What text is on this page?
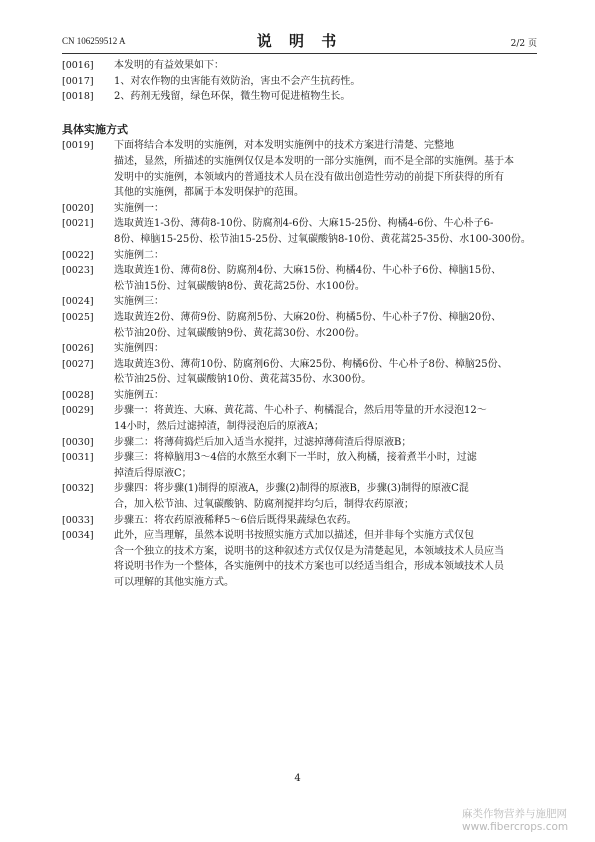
CN 106259512 A	说 明 书	2/2 页
[0016] 本发明的有益效果如下：
[0017] 1、对农作物的虫害能有效防治，害虫不会产生抗药性。
[0018] 2、药剂无残留，绿色环保，微生物可促进植物生长。
具体实施方式
[0019] 下面将结合本发明的实施例，对本发明实施例中的技术方案进行清楚、完整地
描述，显然，所描述的实施例仅仅是本发明的一部分实施例，而不是全部的实施例。基于本
发明中的实施例，本领域内的普通技术人员在没有做出创造性劳动的前提下所获得的所有
其他的实施例，都属于本发明保护的范围。
[0020] 实施例一：
[0021] 选取黄连1-3份、薄荷8-10份、防腐剂4-6份、大麻15-25份、枸橘4-6份、牛心朴子6-
8份、樟脑15-25份、松节油15-25份、过氧碳酸钠8-10份、黄花蒿25-35份、水100-300份。
[0022] 实施例二：
[0023] 选取黄连1份、薄荷8份、防腐剂4份、大麻15份、枸橘4份、牛心朴子6份、樟脑15份、
松节油15份、过氧碳酸钠8份、黄花蒿25份、水100份。
[0024] 实施例三：
[0025] 选取黄连2份、薄荷9份、防腐剂5份、大麻20份、枸橘5份、牛心朴子7份、樟脑20份、
松节油20份、过氧碳酸钠9份、黄花蒿30份、水200份。
[0026] 实施例四：
[0027] 选取黄连3份、薄荷10份、防腐剂6份、大麻25份、枸橘6份、牛心朴子8份、樟脑25份、
松节油25份、过氧碳酸钠10份、黄花蒿35份、水300份。
[0028] 实施例五：
[0029] 步骤一：将黄连、大麻、黄花蒿、牛心朴子、枸橘混合，然后用等量的开水浸泡12～
14小时，然后过滤掉渣，制得浸泡后的原液A；
[0030] 步骤二：将薄荷捣烂后加入适当水搅拌，过滤掉薄荷渣后得原液B；
[0031] 步骤三：将樟脑用3～4倍的水熬至水剩下一半时，放入枸橘，接着煮半小时，过滤
掉渣后得原液C；
[0032] 步骤四：将步骤(1)制得的原液A，步骤(2)制得的原液B，步骤(3)制得的原液C混
合，加入松节油、过氧碳酸钠、防腐剂搅拌均匀后，制得农药原液；
[0033] 步骤五：将农药原液稀释5～6倍后既得果蔬绿色农药。
[0034] 此外，应当理解，虽然本说明书按照实施方式加以描述，但并非每个实施方式仅包
含一个独立的技术方案，说明书的这种叙述方式仅仅是为清楚起见，本领域技术人员应当
将说明书作为一个整体，各实施例中的技术方案也可以经适当组合，形成本领域技术人员
可以理解的其他实施方式。
4
麻类作物营养与施肥网
www.fibercrops.com
